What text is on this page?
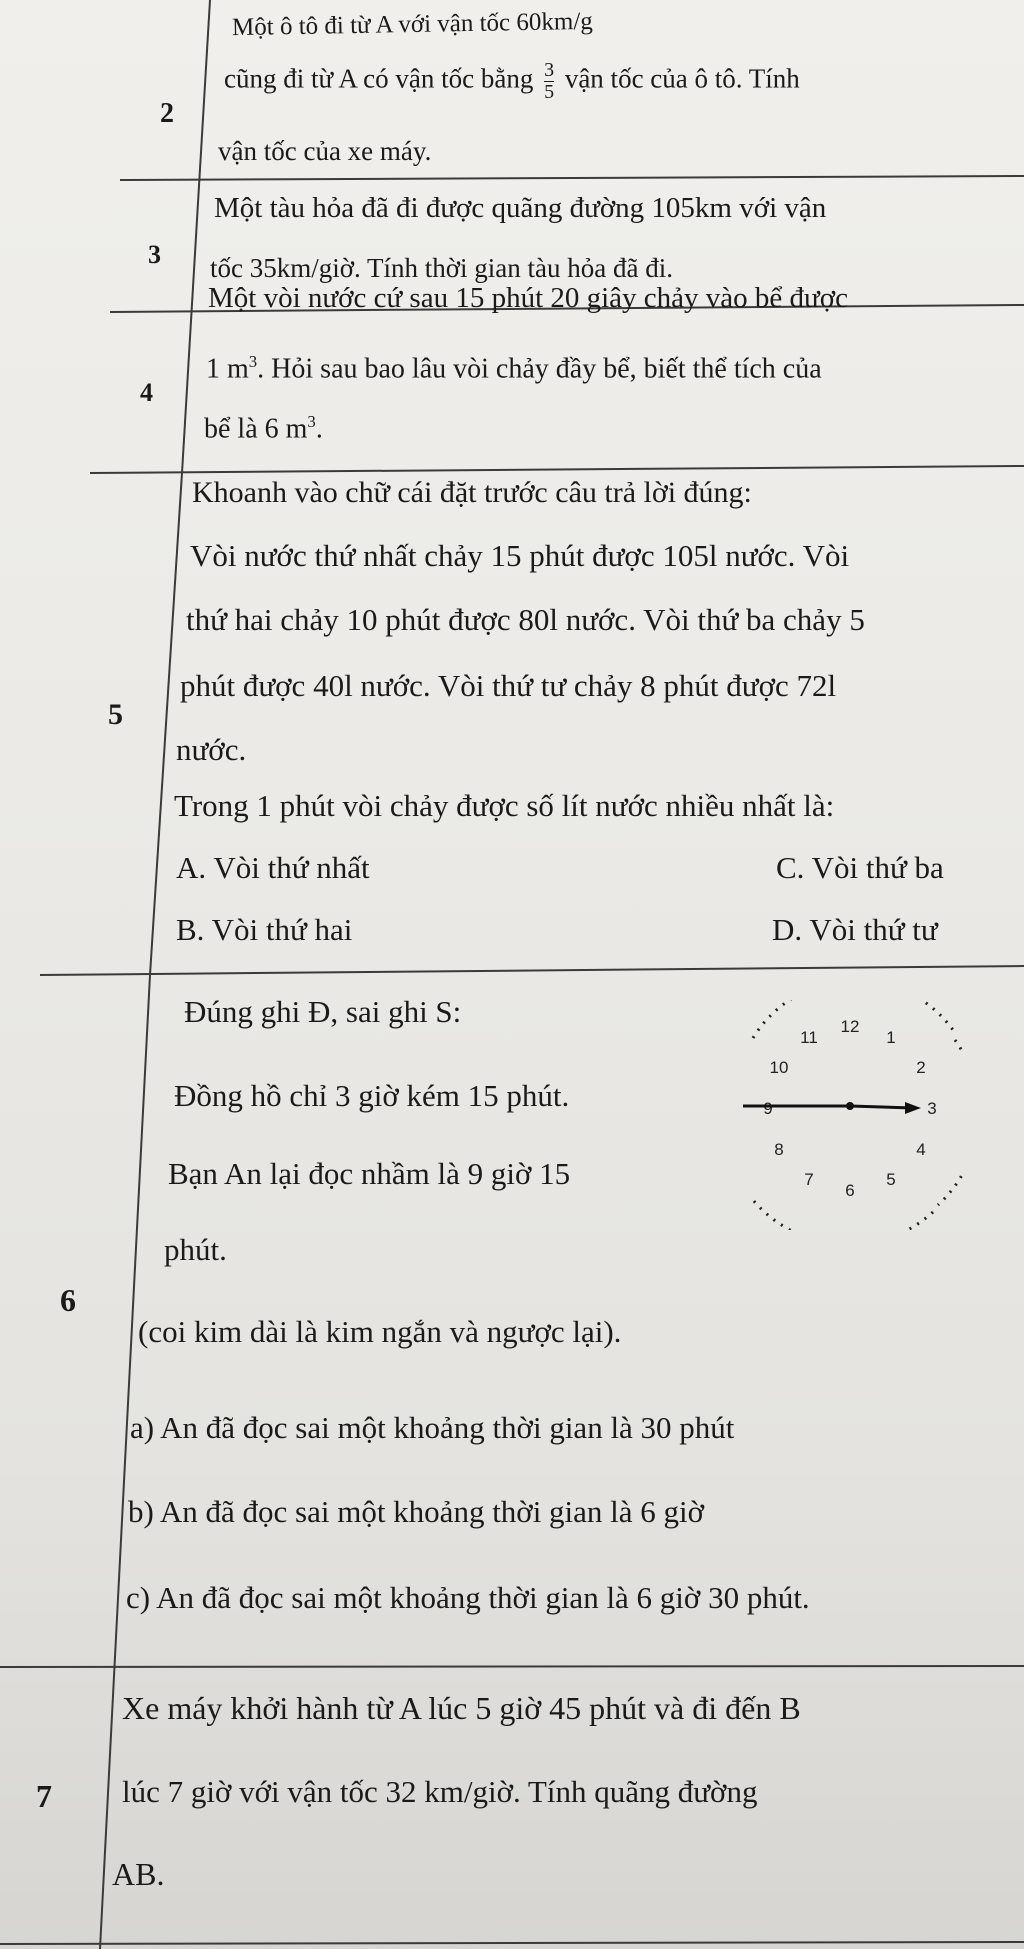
2
Một ô tô đi từ A với vận tốc 60km/g
cũng đi từ A có vận tốc bằng $\frac{3}{5}$ vận tốc của ô tô. Tính
vận tốc của xe máy.
3
Một tàu hỏa đã đi được quãng đường 105km với vận
tốc 35km/giờ. Tính thời gian tàu hỏa đã đi.
4
Một vòi nước cứ sau 15 phút 20 giây chảy vào bể được
1 $m^3$. Hỏi sau bao lâu vòi chảy đầy bể, biết thể tích của
bể là 6 $m^3$.
5
Khoanh vào chữ cái đặt trước câu trả lời đúng:
Vòi nước thứ nhất chảy 15 phút được 105l nước. Vòi
thứ hai chảy 10 phút được 80l nước. Vòi thứ ba chảy 5
phút được 40l nước. Vòi thứ tư chảy 8 phút được 72l
nước.
Trong 1 phút vòi chảy được số lít nước nhiều nhất là:
A. Vòi thứ nhất	C. Vòi thứ ba
B. Vòi thứ hai	D. Vòi thứ tư
6
Đúng ghi Đ, sai ghi S:
Đồng hồ chỉ 3 giờ kém 15 phút.
Bạn An lại đọc nhầm là 9 giờ 15
phút.
(coi kim dài là kim ngắn và ngược lại).
a) An đã đọc sai một khoảng thời gian là 30 phút
b) An đã đọc sai một khoảng thời gian là 6 giờ
c) An đã đọc sai một khoảng thời gian là 6 giờ 30 phút.
12
1
2
3
4
5
6
7
8
9
10
11
7
Xe máy khởi hành từ A lúc 5 giờ 45 phút và đi đến B
lúc 7 giờ với vận tốc 32 km/giờ. Tính quãng đường
AB.
